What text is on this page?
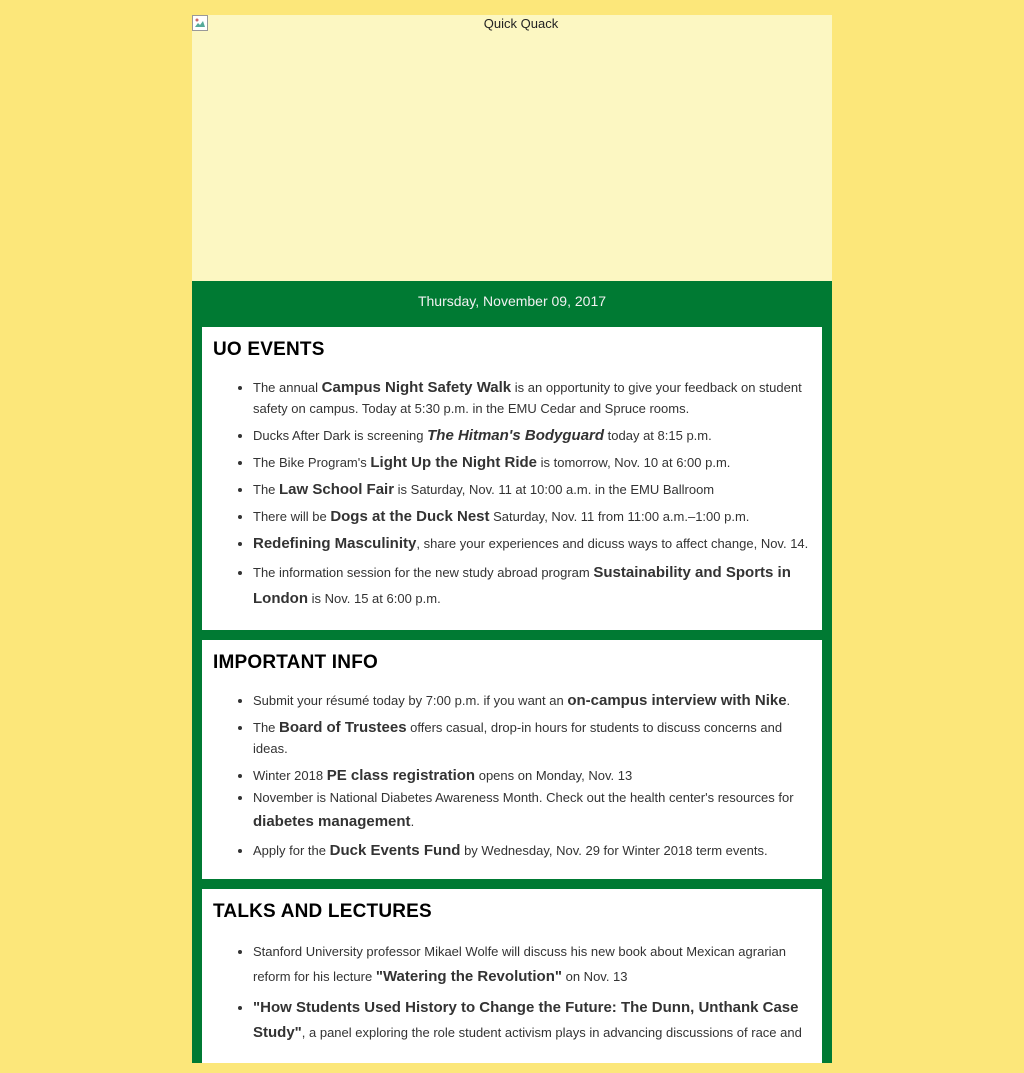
Quick Quack
Thursday, November 09, 2017
UO EVENTS
• The annual Campus Night Safety Walk is an opportunity to give your feedback on student safety on campus. Today at 5:30 p.m. in the EMU Cedar and Spruce rooms.
• Ducks After Dark is screening The Hitman's Bodyguard today at 8:15 p.m.
• The Bike Program's Light Up the Night Ride is tomorrow, Nov. 10 at 6:00 p.m.
• The Law School Fair is Saturday, Nov. 11 at 10:00 a.m. in the EMU Ballroom
• There will be Dogs at the Duck Nest Saturday, Nov. 11 from 11:00 a.m.–1:00 p.m.
• Redefining Masculinity, share your experiences and dicuss ways to affect change, Nov. 14.
• The information session for the new study abroad program Sustainability and Sports in London is Nov. 15 at 6:00 p.m.
IMPORTANT INFO
• Submit your résumé today by 7:00 p.m. if you want an on-campus interview with Nike.
• The Board of Trustees offers casual, drop-in hours for students to discuss concerns and ideas.
• Winter 2018 PE class registration opens on Monday, Nov. 13
• November is National Diabetes Awareness Month. Check out the health center's resources for diabetes management.
• Apply for the Duck Events Fund by Wednesday, Nov. 29 for Winter 2018 term events.
TALKS AND LECTURES
• Stanford University professor Mikael Wolfe will discuss his new book about Mexican agrarian reform for his lecture "Watering the Revolution" on Nov. 13
• "How Students Used History to Change the Future: The Dunn, Unthank Case Study", a panel exploring the role student activism plays in advancing discussions of race and
